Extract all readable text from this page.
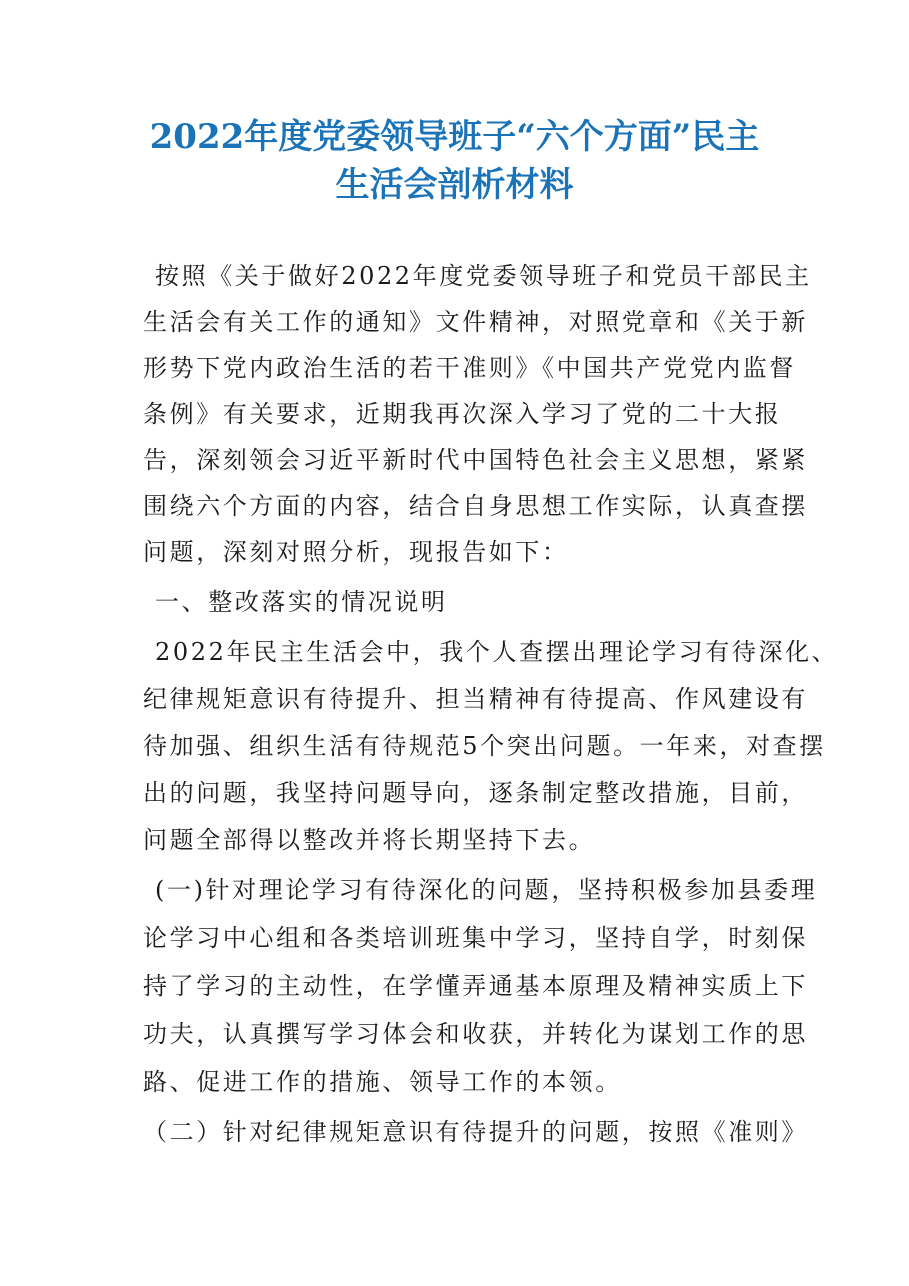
2022年度党委领导班子“六个方面”民主
生活会剖析材料

按照《关于做好2022年度党委领导班子和党员干部民主

生活会有关工作的通知》文件精神，对照党章和《关于新

形势下党内政治生活的若干准则》《中国共产党党内监督

条例》有关要求，近期我再次深入学习了党的二十大报

告，深刻领会习近平新时代中国特色社会主义思想，紧紧

围绕六个方面的内容，结合自身思想工作实际，认真查摆

问题，深刻对照分析，现报告如下：

一、整改落实的情况说明

2022年民主生活会中，我个人查摆出理论学习有待深化、

纪律规矩意识有待提升、担当精神有待提高、作风建设有

待加强、组织生活有待规范5个突出问题。一年来，对查摆

出的问题，我坚持问题导向，逐条制定整改措施，目前，

问题全部得以整改并将长期坚持下去。

(一)针对理论学习有待深化的问题，坚持积极参加县委理

论学习中心组和各类培训班集中学习，坚持自学，时刻保

持了学习的主动性，在学懂弄通基本原理及精神实质上下

功夫，认真撰写学习体会和收获，并转化为谋划工作的思

路、促进工作的措施、领导工作的本领。

（二）针对纪律规矩意识有待提升的问题，按照《准则》
